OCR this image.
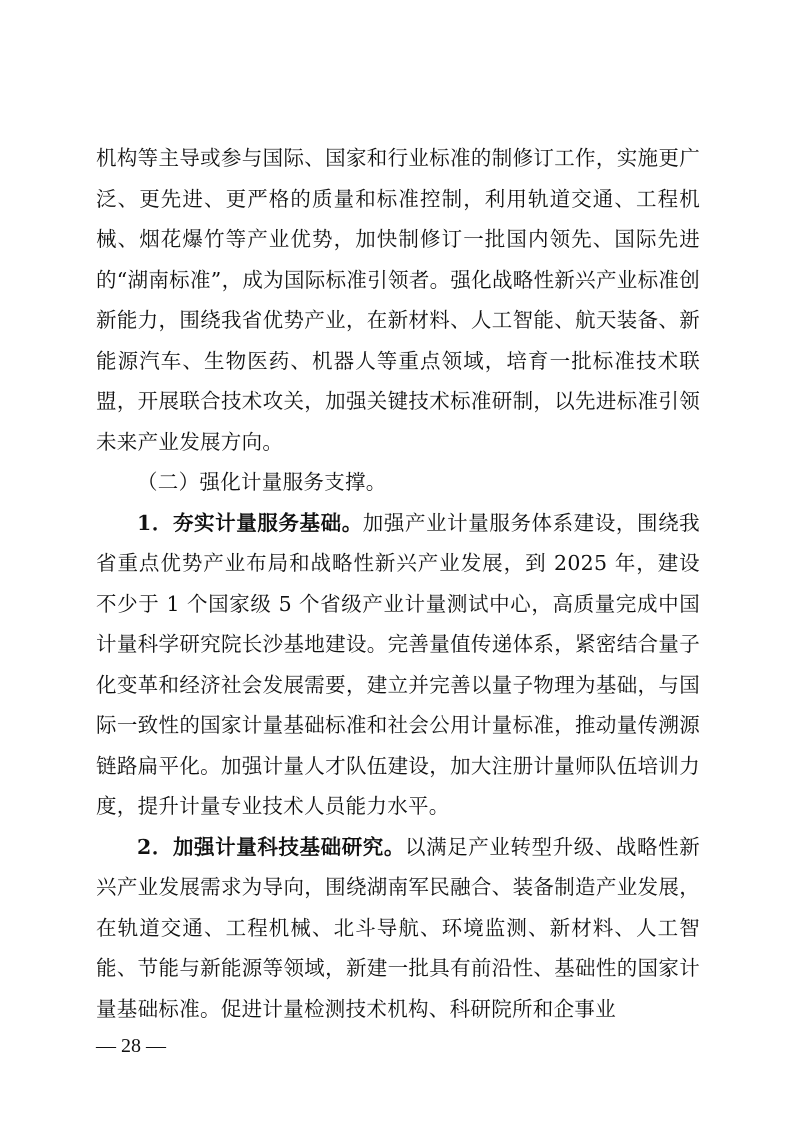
机构等主导或参与国际、国家和行业标准的制修订工作，实施更广泛、更先进、更严格的质量和标准控制，利用轨道交通、工程机械、烟花爆竹等产业优势，加快制修订一批国内领先、国际先进的“湖南标准”，成为国际标准引领者。强化战略性新兴产业标准创新能力，围绕我省优势产业，在新材料、人工智能、航天装备、新能源汽车、生物医药、机器人等重点领域，培育一批标准技术联盟，开展联合技术攻关，加强关键技术标准研制，以先进标准引领未来产业发展方向。

（二）强化计量服务支撑。

1．夯实计量服务基础。加强产业计量服务体系建设，围绕我省重点优势产业布局和战略性新兴产业发展，到 2025 年，建设不少于 1 个国家级 5 个省级产业计量测试中心，高质量完成中国计量科学研究院长沙基地建设。完善量值传递体系，紧密结合量子化变革和经济社会发展需要，建立并完善以量子物理为基础，与国际一致性的国家计量基础标准和社会公用计量标准，推动量传溯源链路扁平化。加强计量人才队伍建设，加大注册计量师队伍培训力度，提升计量专业技术人员能力水平。

2．加强计量科技基础研究。以满足产业转型升级、战略性新兴产业发展需求为导向，围绕湖南军民融合、装备制造产业发展，在轨道交通、工程机械、北斗导航、环境监测、新材料、人工智能、节能与新能源等领域，新建一批具有前沿性、基础性的国家计量基础标准。促进计量检测技术机构、科研院所和企事业

— 28 —
